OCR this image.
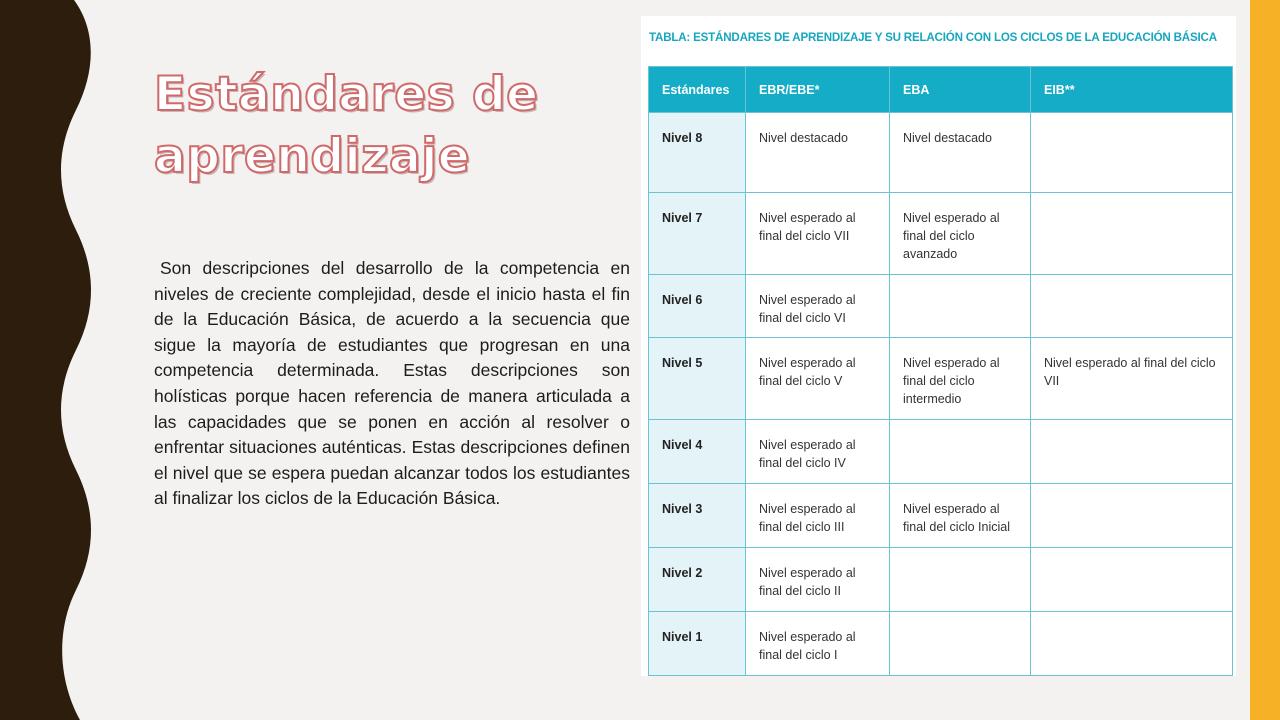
Estándares de aprendizaje

Son descripciones del desarrollo de la competencia en niveles de creciente complejidad, desde el inicio hasta el fin de la Educación Básica, de acuerdo a la secuencia que sigue la mayoría de estudiantes que progresan en una competencia determinada. Estas descripciones son holísticas porque hacen referencia de manera articulada a las capacidades que se ponen en acción al resolver o enfrentar situaciones auténticas. Estas descripciones definen el nivel que se espera puedan alcanzar todos los estudiantes al finalizar los ciclos de la Educación Básica.

TABLA: ESTÁNDARES DE APRENDIZAJE Y SU RELACIÓN CON LOS CICLOS DE LA EDUCACIÓN BÁSICA
Estándares	EBR/EBE*	EBA	EIB**
Nivel 8	Nivel destacado	Nivel destacado	
Nivel 7	Nivel esperado al final del ciclo VII	Nivel esperado al final del ciclo avanzado	
Nivel 6	Nivel esperado al final del ciclo VI		
Nivel 5	Nivel esperado al final del ciclo V	Nivel esperado al final del ciclo intermedio	Nivel esperado al final del ciclo VII
Nivel 4	Nivel esperado al final del ciclo IV		
Nivel 3	Nivel esperado al final del ciclo III	Nivel esperado al final del ciclo Inicial	
Nivel 2	Nivel esperado al final del ciclo II		
Nivel 1	Nivel esperado al final del ciclo I		
